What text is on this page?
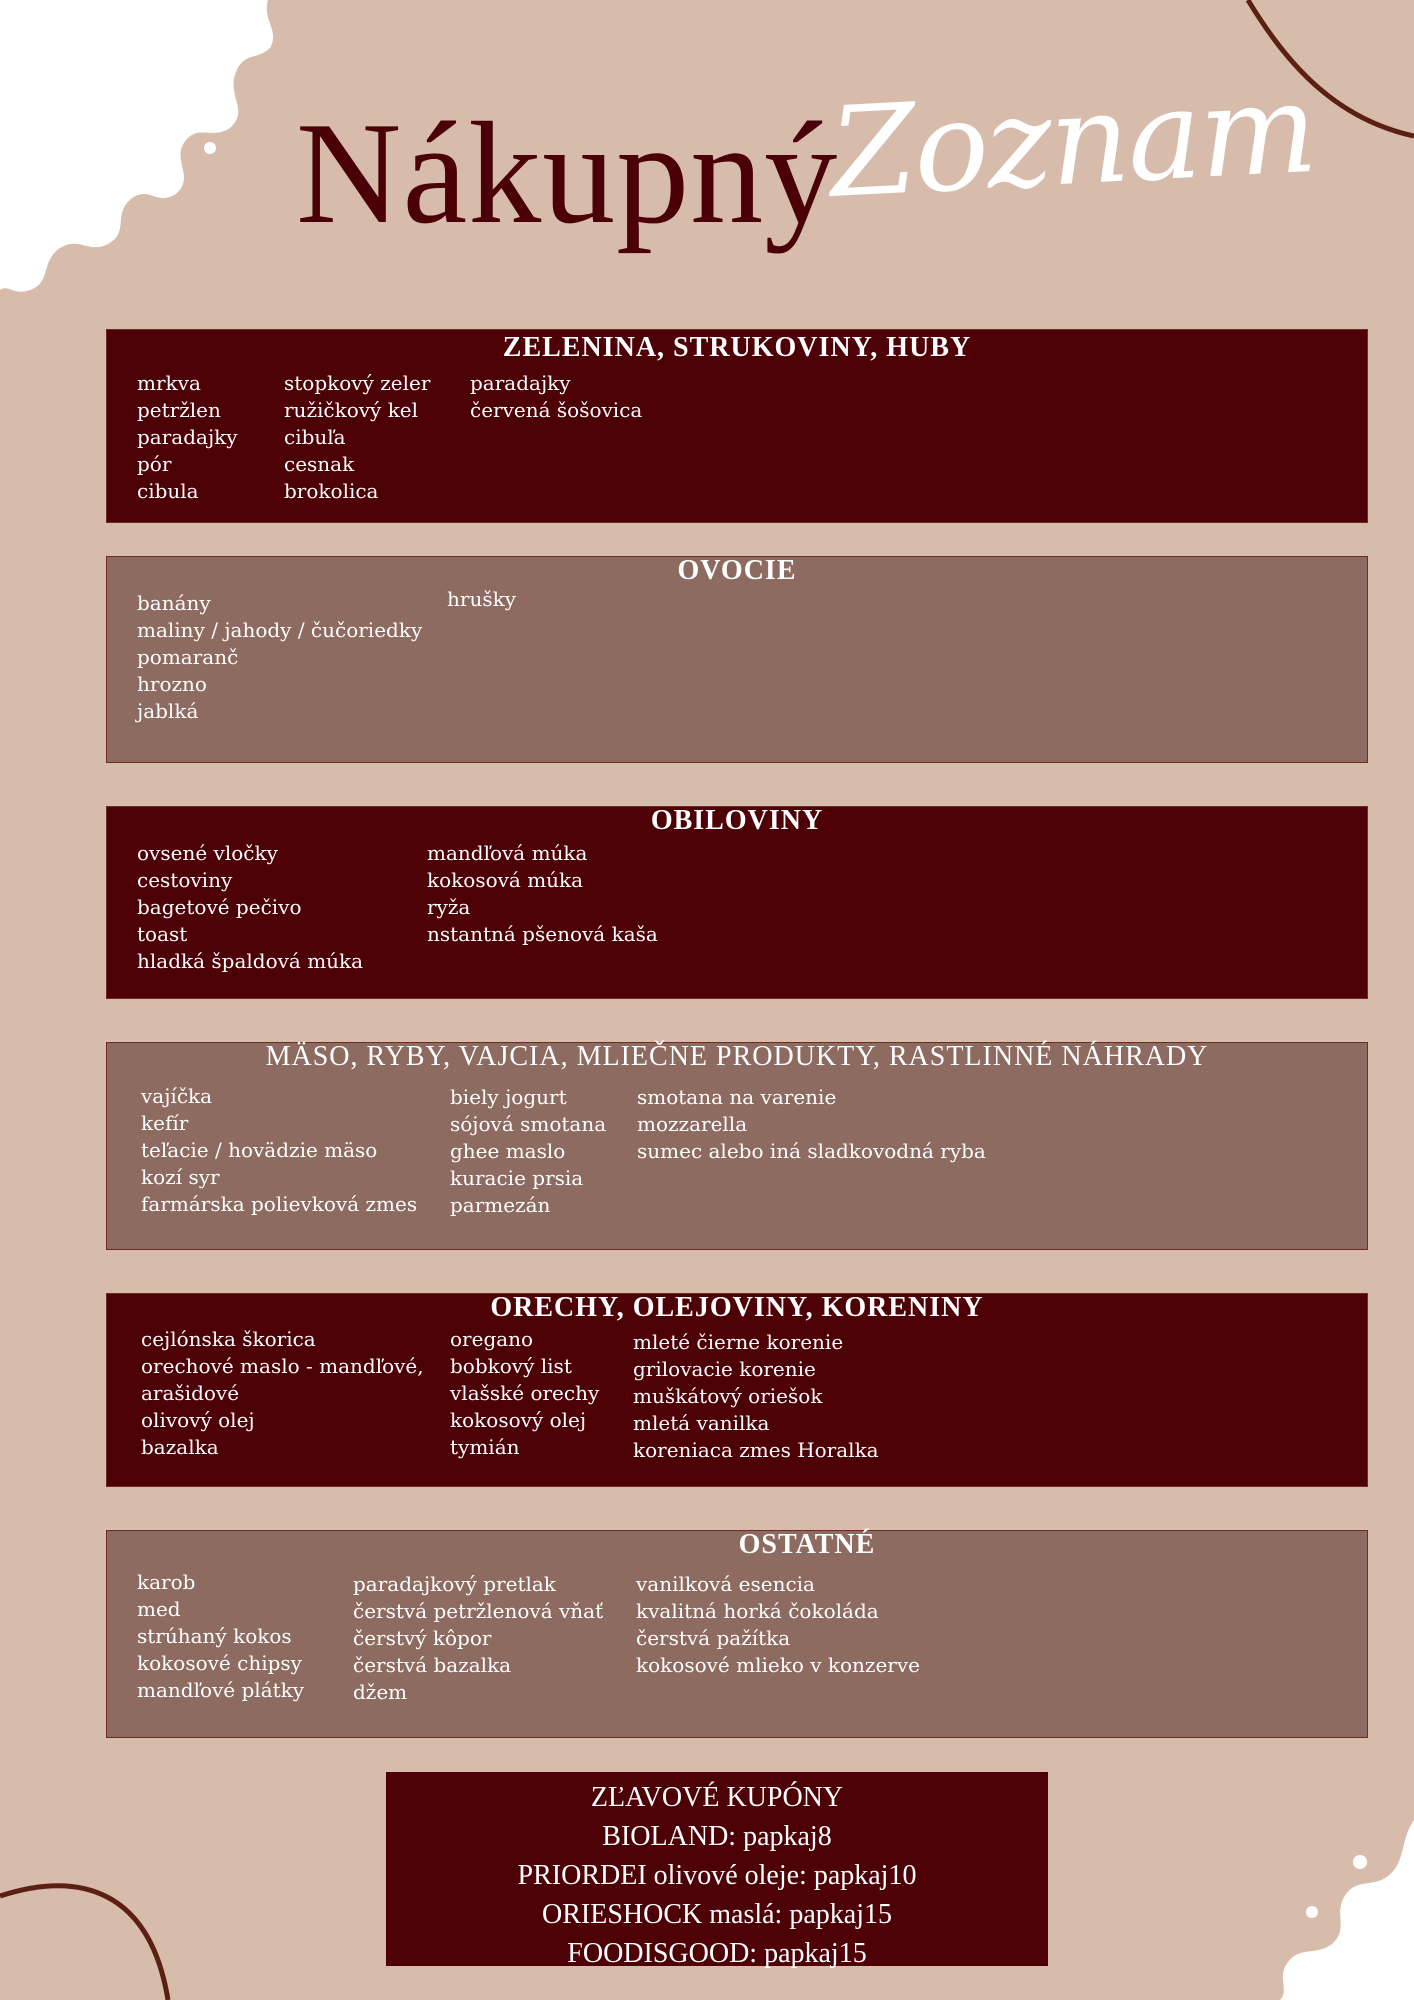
Nákupný
Zoznam
ZELENINA, STRUKOVINY, HUBY
mrkva
petržlen
paradajky
pór
cibula
stopkový zeler
ružičkový kel
cibuľa
cesnak
brokolica
paradajky
červená šošovica
OVOCIE
banány
maliny / jahody / čučoriedky
pomaranč
hrozno
jablká
hrušky
OBILOVINY
ovsené vločky
cestoviny
bagetové pečivo
toast
hladká špaldová múka
mandľová múka
kokosová múka
ryža
nstantná pšenová kaša
MÄSO, RYBY, VAJCIA, MLIEČNE PRODUKTY, RASTLINNÉ NÁHRADY
vajíčka
kefír
teľacie / hovädzie mäso
kozí syr
farmárska polievková zmes
biely jogurt
sójová smotana
ghee maslo
kuracie prsia
parmezán
smotana na varenie
mozzarella
sumec alebo iná sladkovodná ryba
ORECHY, OLEJOVINY, KORENINY
cejlónska škorica
orechové maslo - mandľové,
arašidové
olivový olej
bazalka
oregano
bobkový list
vlašské orechy
kokosový olej
tymián
mleté čierne korenie
grilovacie korenie
muškátový oriešok
mletá vanilka
koreniaca zmes Horalka
OSTATNÉ
karob
med
strúhaný kokos
kokosové chipsy
mandľové plátky
paradajkový pretlak
čerstvá petržlenová vňať
čerstvý kôpor
čerstvá bazalka
džem
vanilková esencia
kvalitná horká čokoláda
čerstvá pažítka
kokosové mlieko v konzerve
ZĽAVOVÉ KUPÓNY
BIOLAND: papkaj8
PRIORDEI olivové oleje: papkaj10
ORIESHOCK maslá: papkaj15
FOODISGOOD: papkaj15
